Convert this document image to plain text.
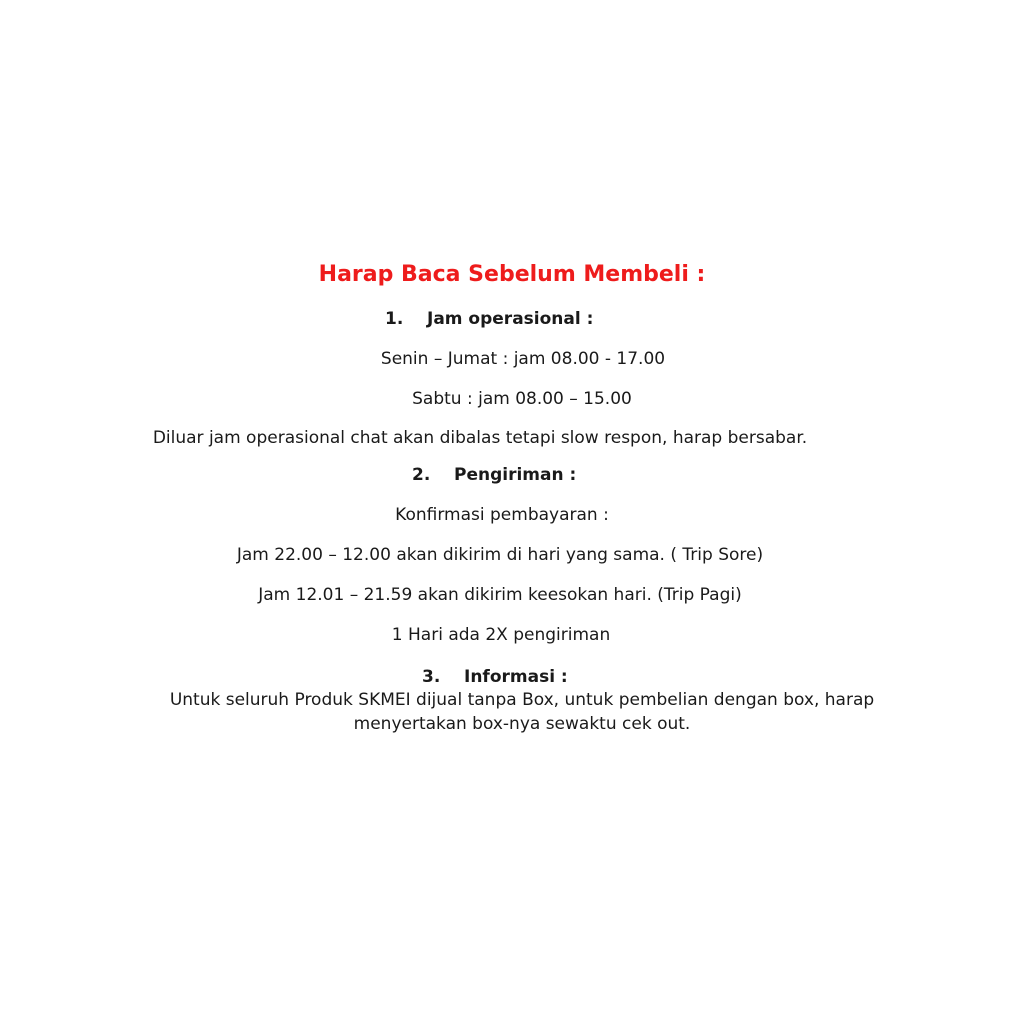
Harap Baca Sebelum Membeli :
1. Jam operasional :
Senin – Jumat : jam 08.00 - 17.00
Sabtu : jam 08.00 – 15.00
Diluar jam operasional chat akan dibalas tetapi slow respon, harap bersabar.
2. Pengiriman :
Konfirmasi pembayaran :
Jam 22.00 – 12.00 akan dikirim di hari yang sama. ( Trip Sore)
Jam 12.01 – 21.59 akan dikirim keesokan hari. (Trip Pagi)
1 Hari ada 2X pengiriman
3. Informasi :
Untuk seluruh Produk SKMEI dijual tanpa Box, untuk pembelian dengan box, harap
menyertakan box-nya sewaktu cek out.
